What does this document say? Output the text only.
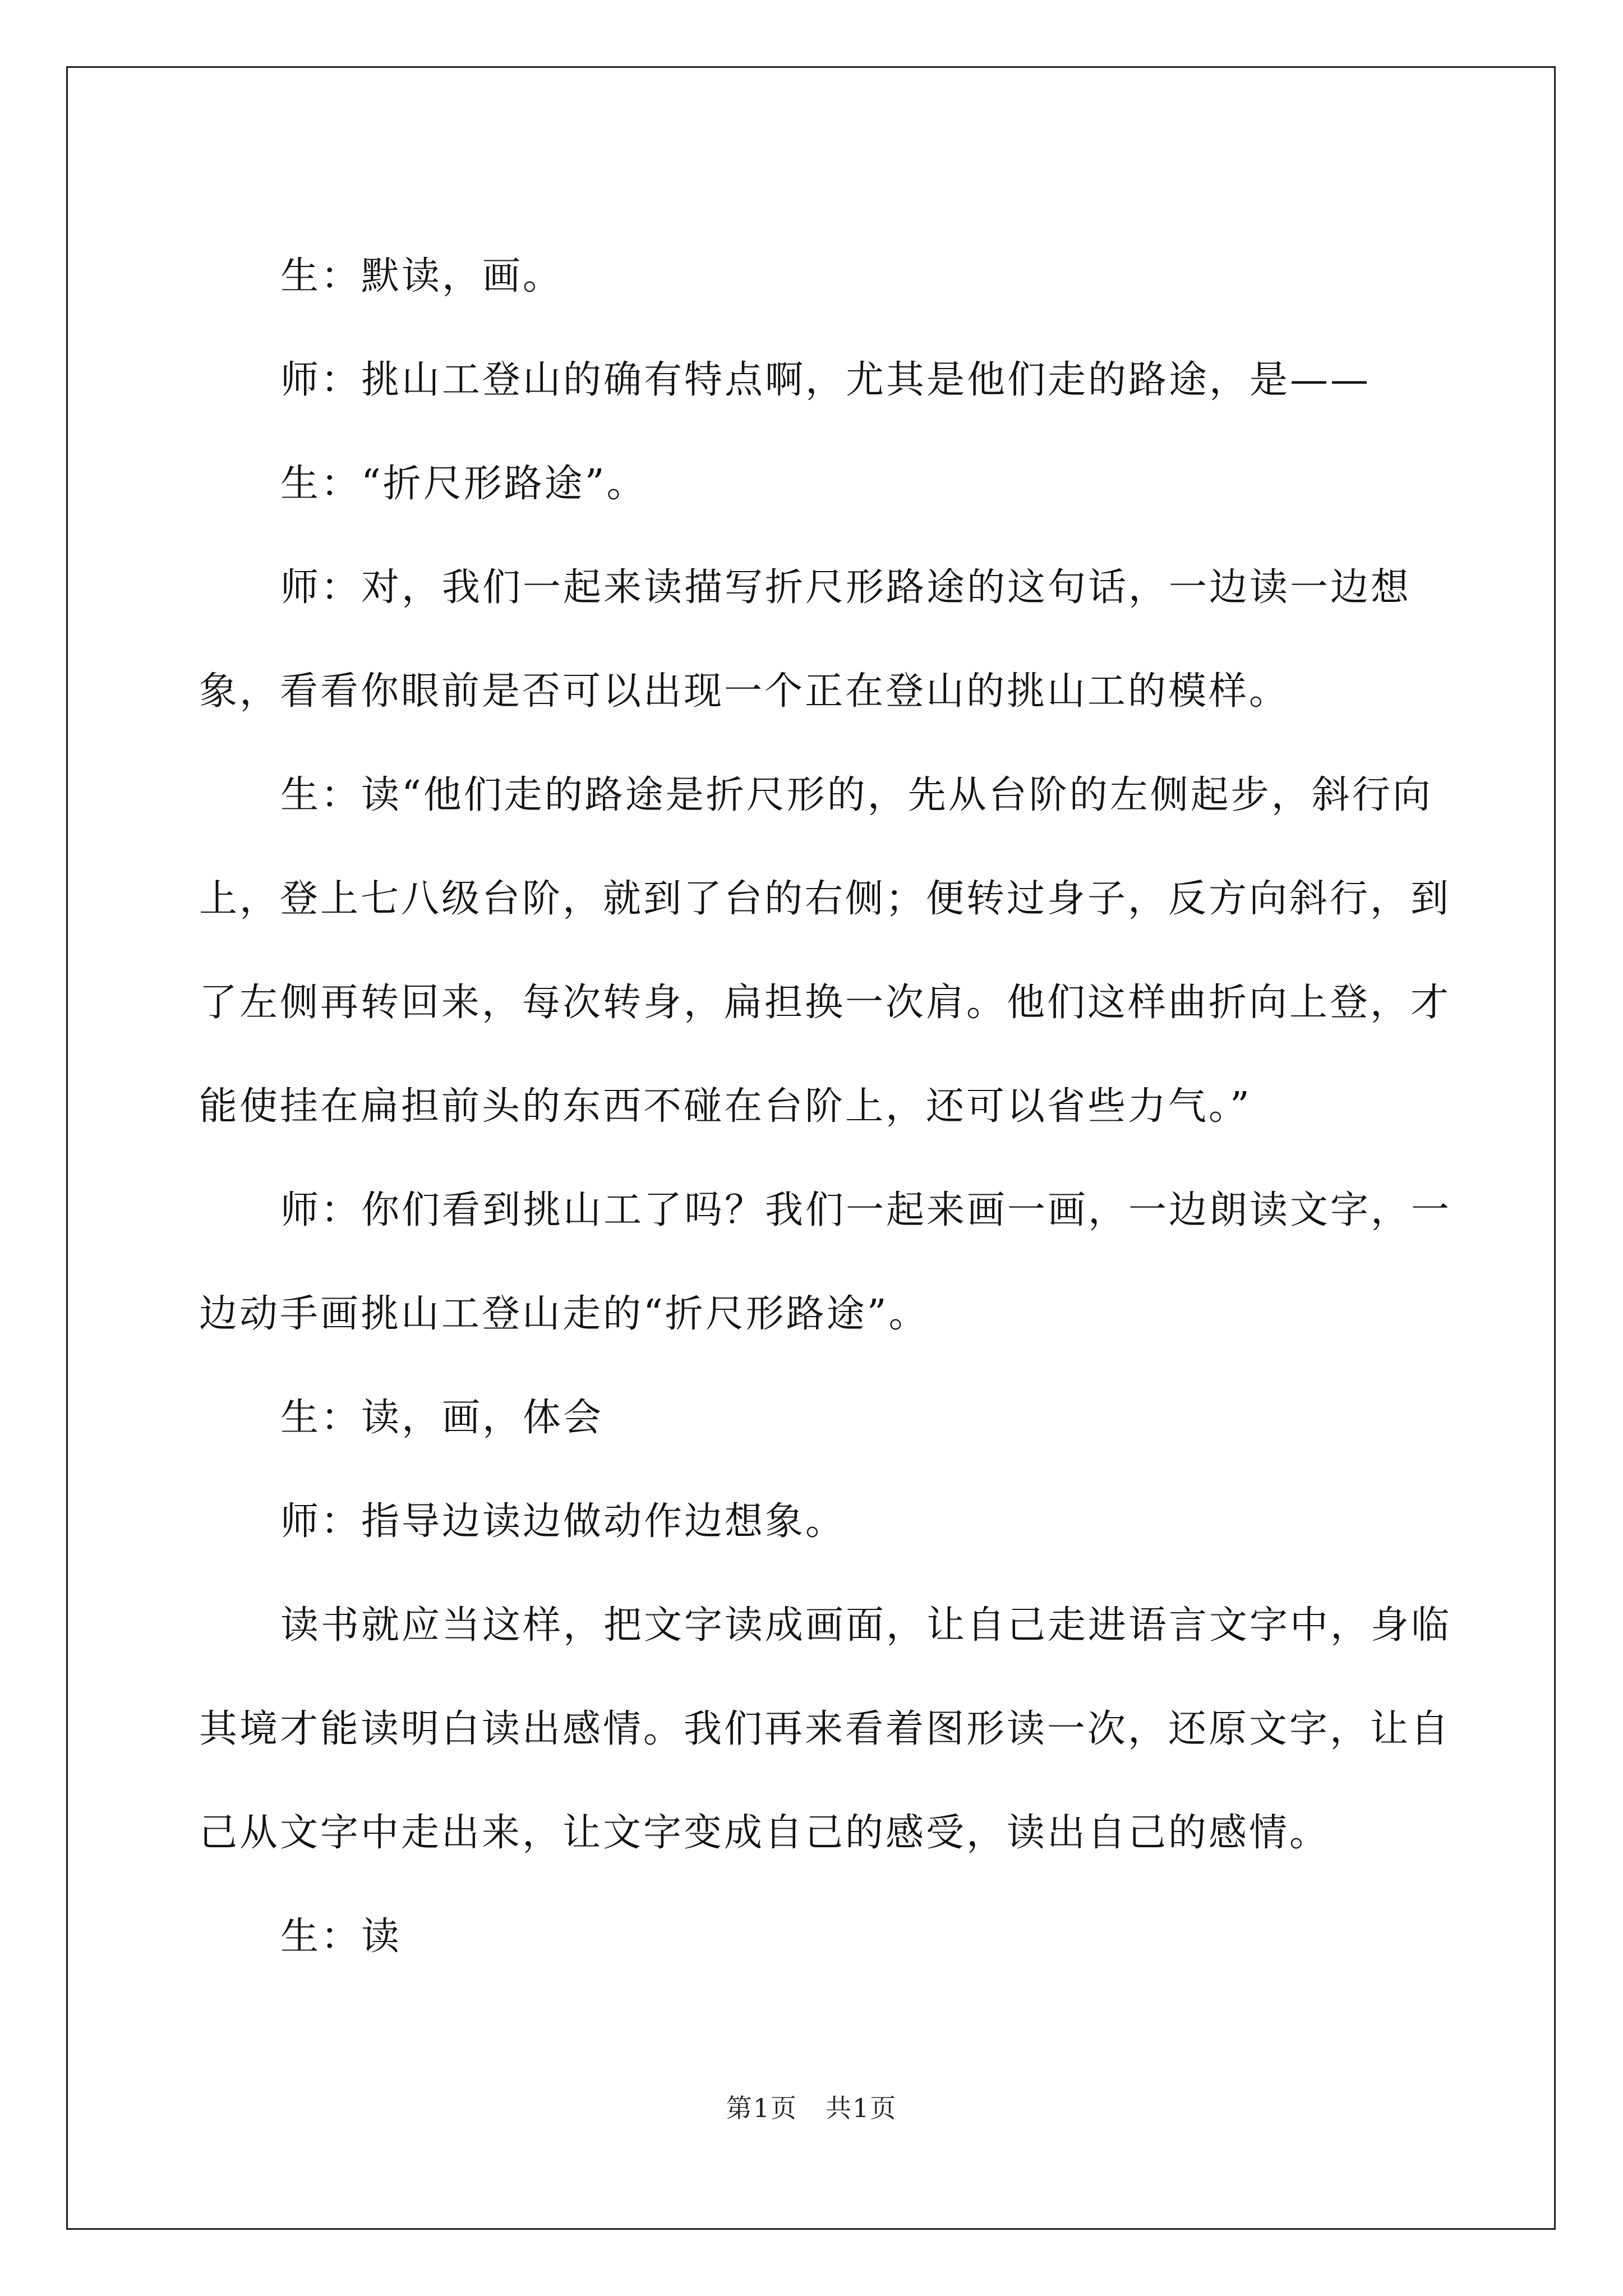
生：默读，画。

师：挑山工登山的确有特点啊，尤其是他们走的路途，是——

生：“折尺形路途”。

师：对，我们一起来读描写折尺形路途的这句话，一边读一边想象，看看你眼前是否可以出现一个正在登山的挑山工的模样。

生：读“他们走的路途是折尺形的，先从台阶的左侧起步，斜行向上，登上七八级台阶，就到了台的右侧；便转过身子，反方向斜行，到了左侧再转回来，每次转身，扁担换一次肩。他们这样曲折向上登，才能使挂在扁担前头的东西不碰在台阶上，还可以省些力气。”

师：你们看到挑山工了吗？我们一起来画一画，一边朗读文字，一边动手画挑山工登山走的“折尺形路途”。

生：读，画，体会

师：指导边读边做动作边想象。

读书就应当这样，把文字读成画面，让自己走进语言文字中，身临其境才能读明白读出感情。我们再来看着图形读一次，还原文字，让自己从文字中走出来，让文字变成自己的感受，读出自己的感情。

生：读

第1页 共1页
